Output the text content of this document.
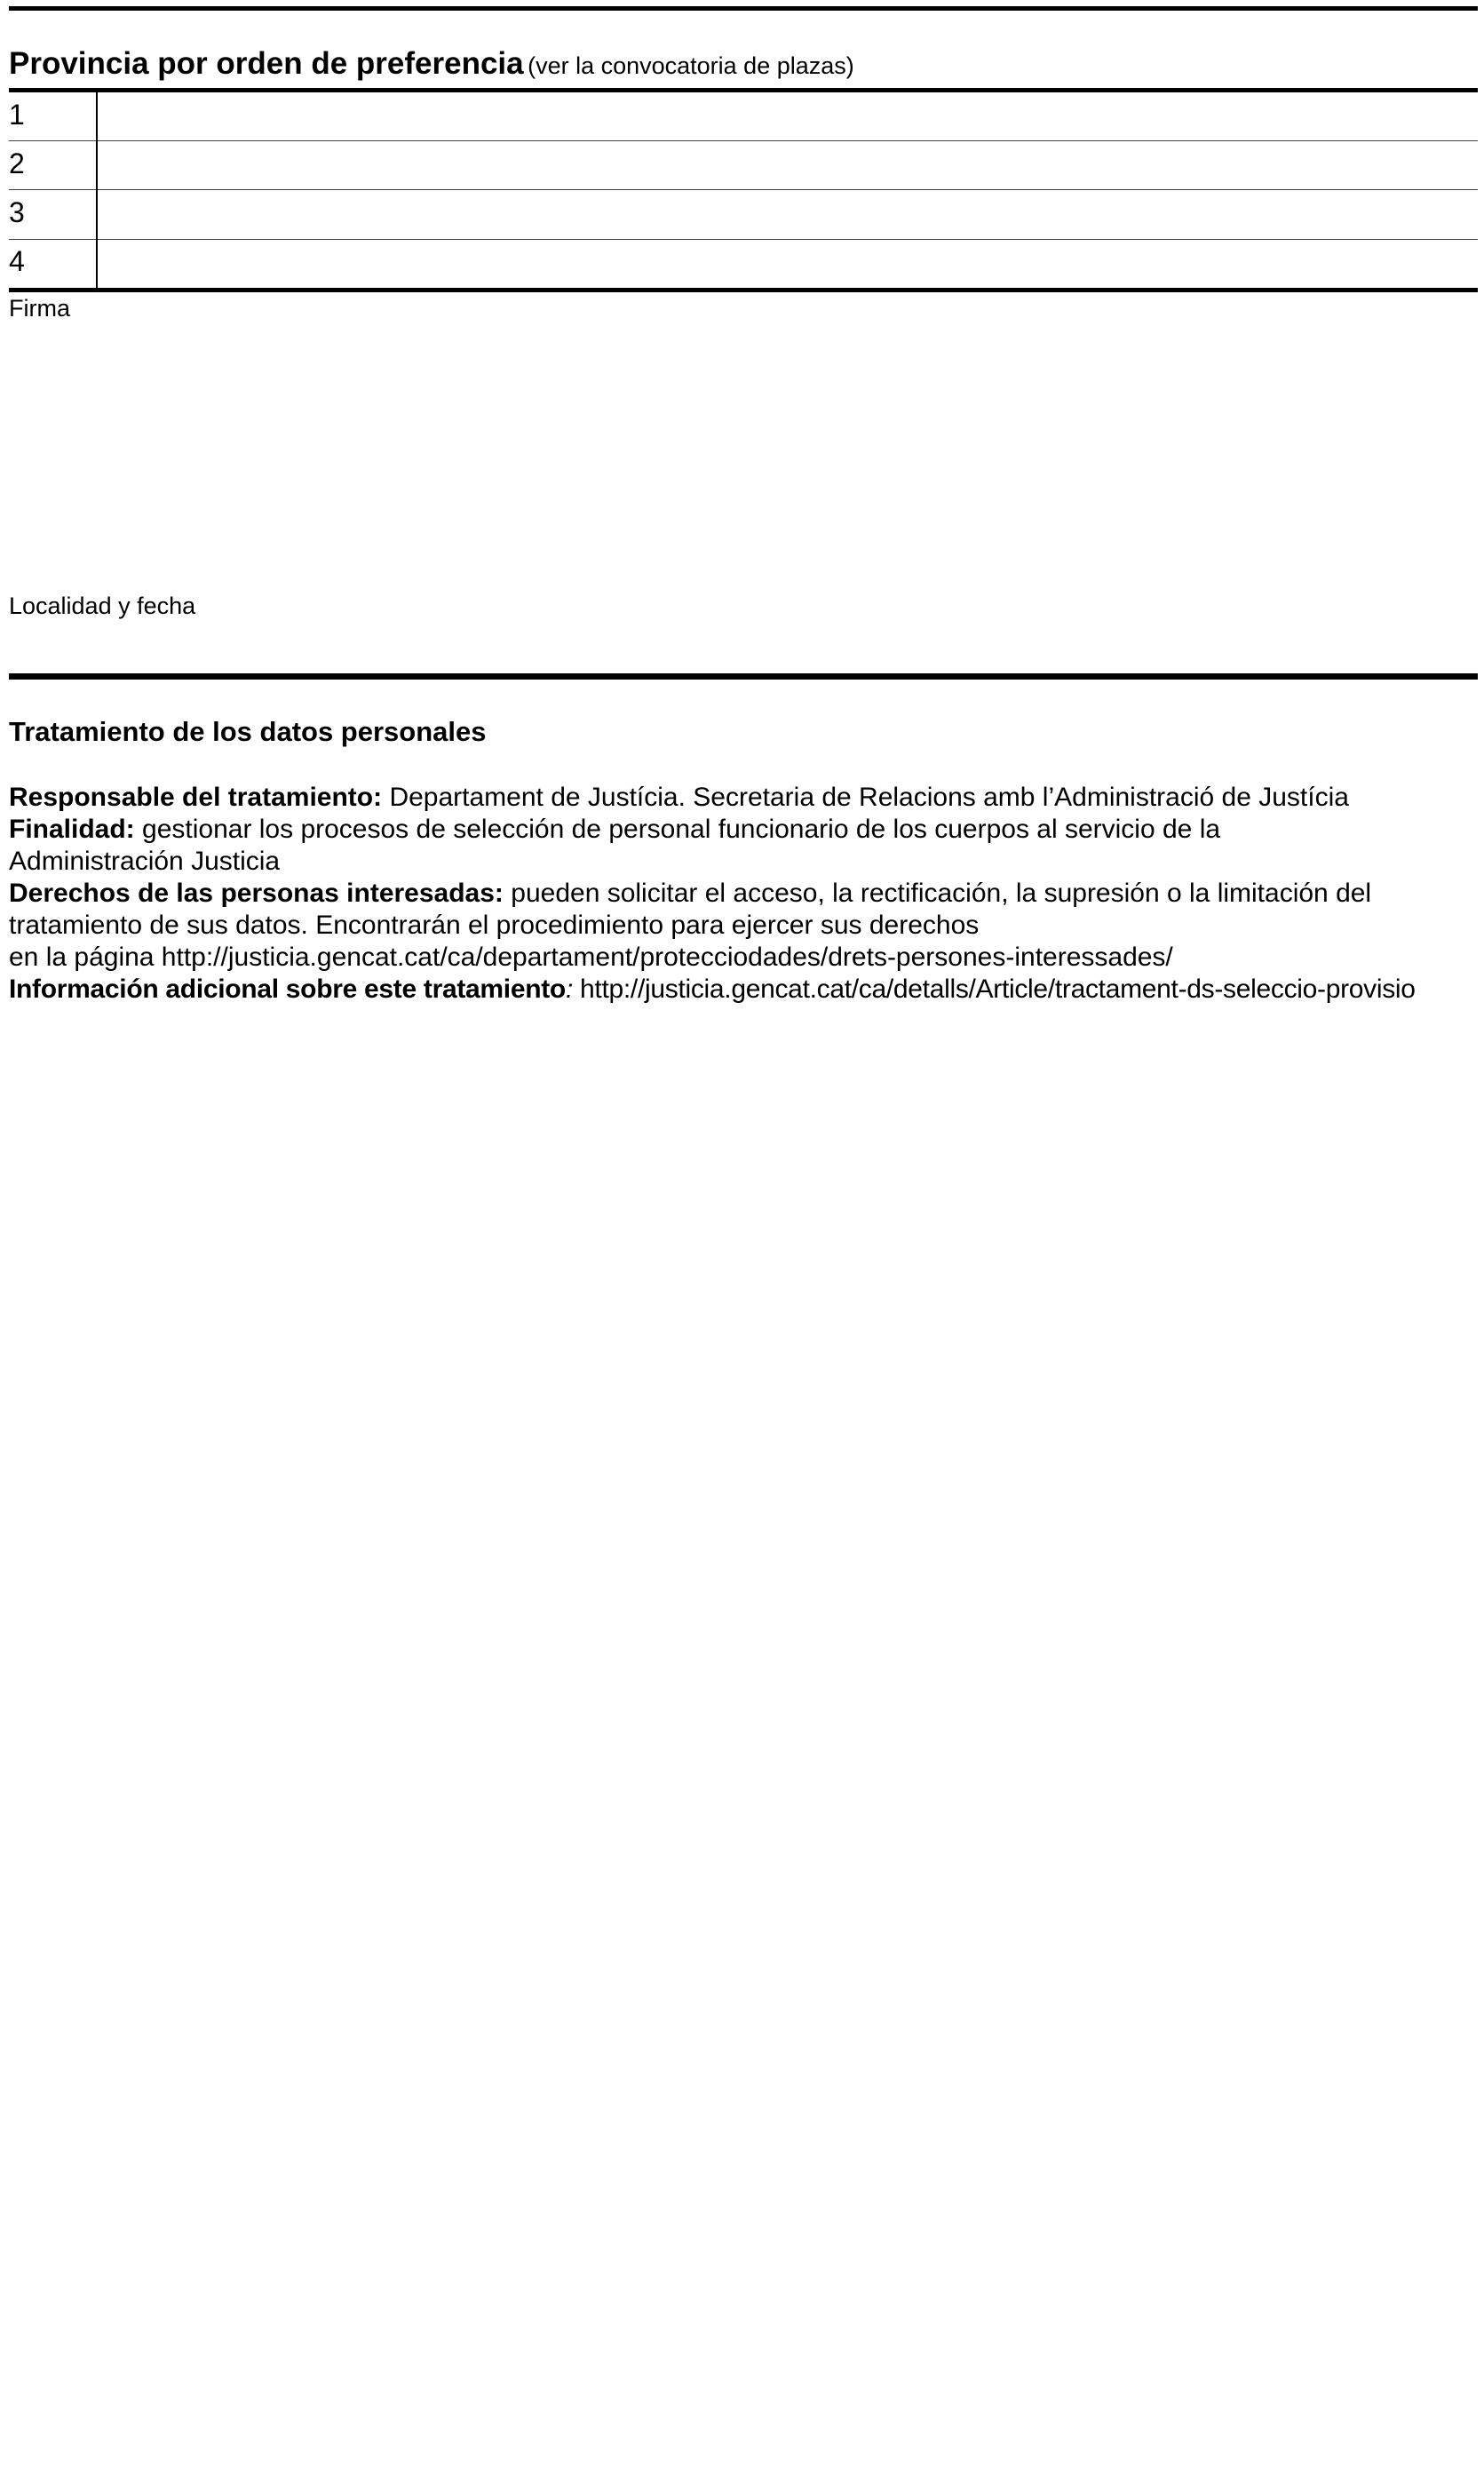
Provincia por orden de preferencia (ver la convocatoria de plazas)
1
2
3
4
Firma
Localidad y fecha
Tratamiento de los datos personales
Responsable del tratamiento: Departament de Justícia. Secretaria de Relacions amb l’Administració de Justícia
Finalidad: gestionar los procesos de selección de personal funcionario de los cuerpos al servicio de la
Administración Justicia
Derechos de las personas interesadas: pueden solicitar el acceso, la rectificación, la supresión o la limitación del
tratamiento de sus datos. Encontrarán el procedimiento para ejercer sus derechos
en la página http://justicia.gencat.cat/ca/departament/protecciodades/drets-persones-interessades/
Información adicional sobre este tratamiento: http://justicia.gencat.cat/ca/detalls/Article/tractament-ds-seleccio-provisio
